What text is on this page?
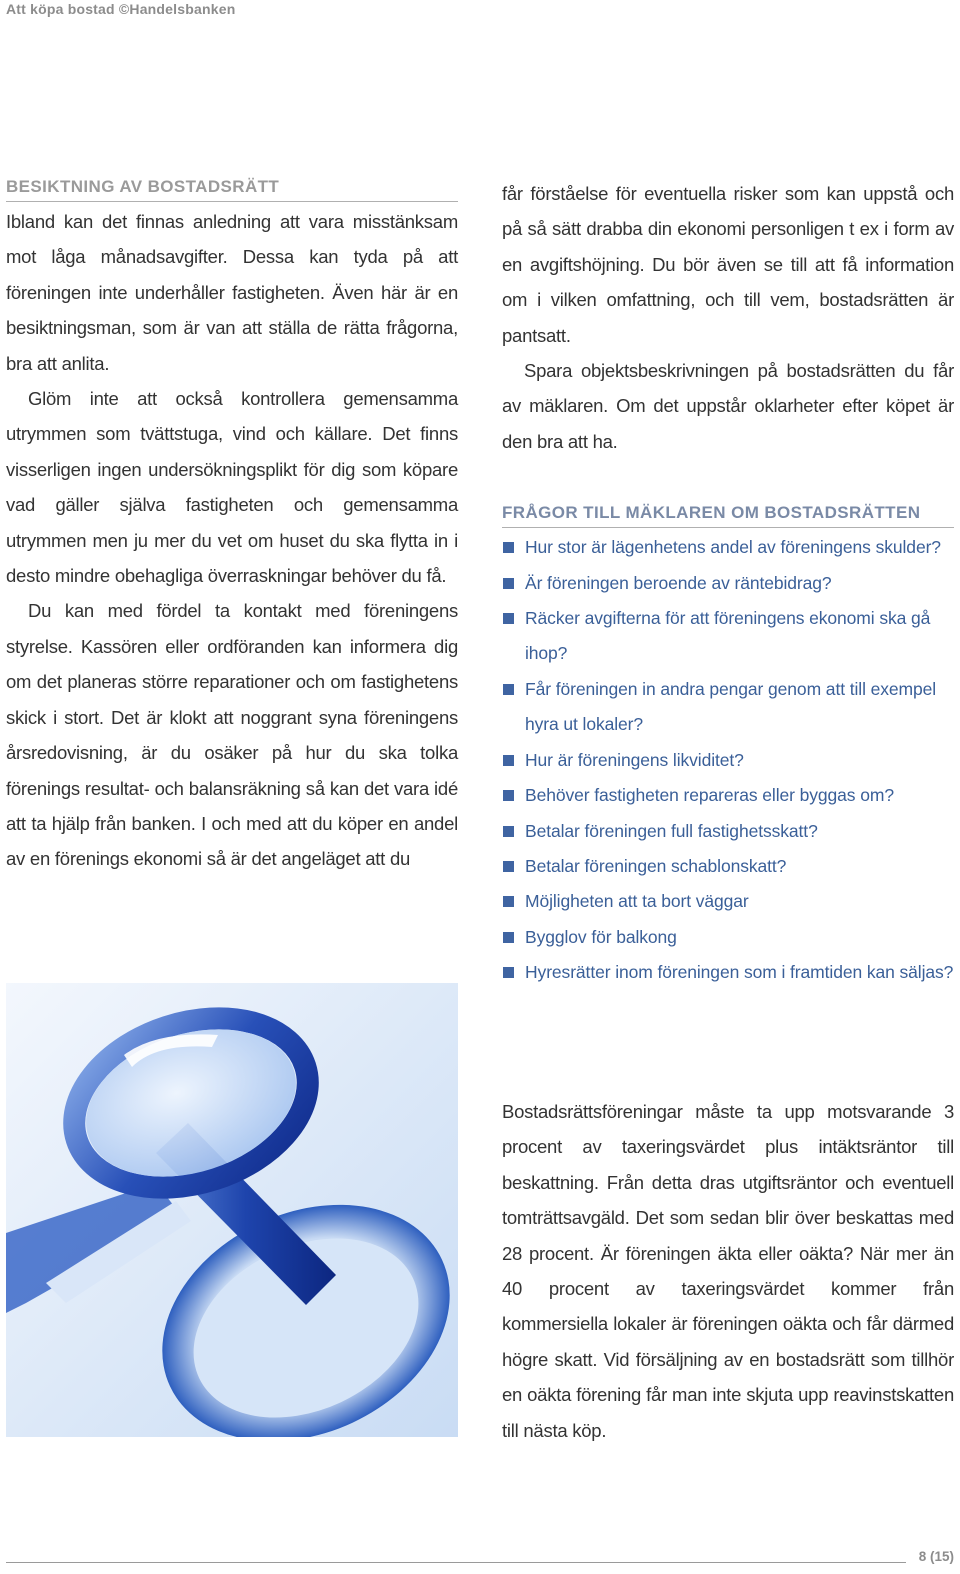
Att köpa bostad ©Handelsbanken
BESIKTNING AV BOSTADSRÄTT

Ibland kan det finnas anledning att vara misstänksam mot låga månadsavgifter. Dessa kan tyda på att föreningen inte underhåller fastigheten. Även här är en besiktningsman, som är van att ställa de rätta frågorna, bra att anlita.

Glöm inte att också kontrollera gemensamma utrymmen som tvättstuga, vind och källare. Det finns visserligen ingen undersökningsplikt för dig som köpare vad gäller själva fastigheten och gemensamma utrymmen men ju mer du vet om huset du ska flytta in i desto mindre obehagliga överraskningar behöver du få.

Du kan med fördel ta kontakt med föreningens styrelse. Kassören eller ordföranden kan informera dig om det planeras större reparationer och om fastighetens skick i stort. Det är klokt att noggrant syna föreningens årsredovisning, är du osäker på hur du ska tolka förenings resultat- och balansräkning så kan det vara idé att ta hjälp från banken. I och med att du köper en andel av en förenings ekonomi så är det angeläget att du

får förståelse för eventuella risker som kan uppstå och på så sätt drabba din ekonomi personligen t ex i form av en avgiftshöjning. Du bör även se till att få information om i vilken omfattning, och till vem, bostadsrätten är pantsatt.

Spara objektsbeskrivningen på bostadsrätten du får av mäklaren. Om det uppstår oklarheter efter köpet är den bra att ha.

FRÅGOR TILL MÄKLAREN OM BOSTADSRÄTTEN
Hur stor är lägenhetens andel av föreningens skulder?
Är föreningen beroende av räntebidrag?
Räcker avgifterna för att föreningens ekonomi ska gå ihop?
Får föreningen in andra pengar genom att till exempel hyra ut lokaler?
Hur är föreningens likviditet?
Behöver fastigheten repareras eller byggas om?
Betalar föreningen full fastighetsskatt?
Betalar föreningen schablonskatt?
Möjligheten att ta bort väggar
Bygglov för balkong
Hyresrätter inom föreningen som i framtiden kan säljas?

Bostadsrättsföreningar måste ta upp motsvarande 3 procent av taxeringsvärdet plus intäktsräntor till beskattning. Från detta dras utgiftsräntor och eventuell tomträttsavgäld. Det som sedan blir över beskattas med 28 procent. Är föreningen äkta eller oäkta? När mer än 40 procent av taxeringsvärdet kommer från kommersiella lokaler är föreningen oäkta och får därmed högre skatt. Vid försäljning av en bostadsrätt som tillhör en oäkta förening får man inte skjuta upp reavinstskatten till nästa köp.

8 (15)
